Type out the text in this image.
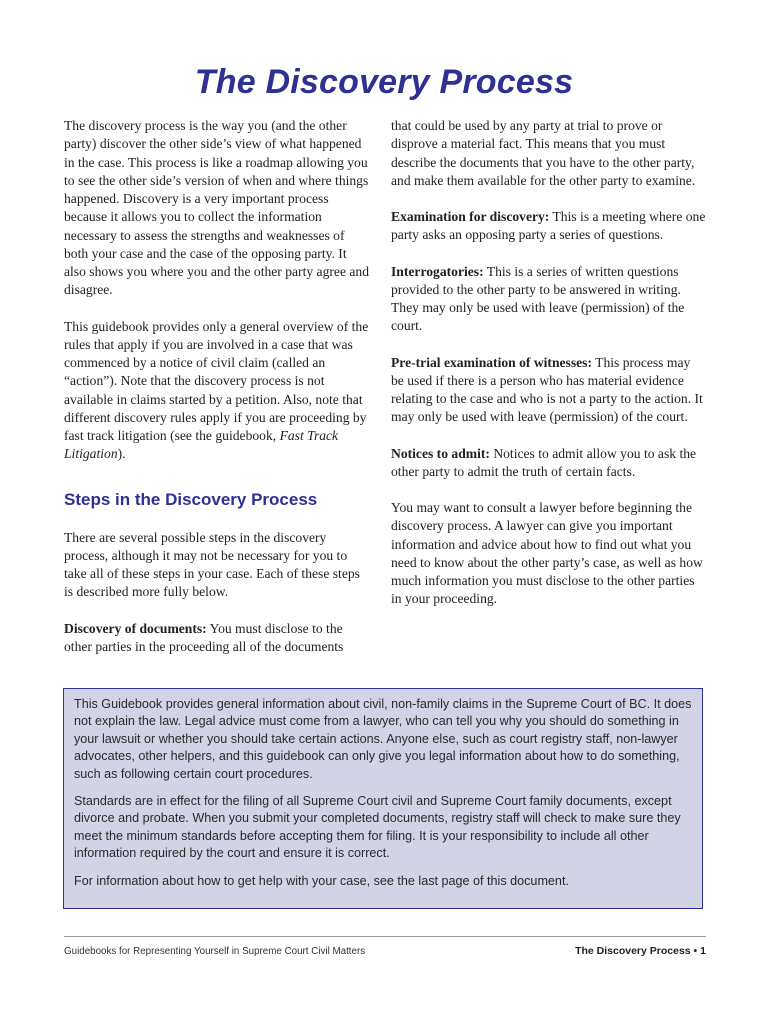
The Discovery Process

The discovery process is the way you (and the other party) discover the other side’s view of what happened in the case. This process is like a roadmap allowing you to see the other side’s version of when and where things happened. Discovery is a very important process because it allows you to collect the information necessary to assess the strengths and weaknesses of both your case and the case of the opposing party. It also shows you where you and the other party agree and disagree.

This guidebook provides only a general overview of the rules that apply if you are involved in a case that was commenced by a notice of civil claim (called an “action”). Note that the discovery process is not available in claims started by a petition. Also, note that different discovery rules apply if you are proceeding by fast track litigation (see the guidebook, Fast Track Litigation).

Steps in the Discovery Process

There are several possible steps in the discovery process, although it may not be necessary for you to take all of these steps in your case. Each of these steps is described more fully below.

Discovery of documents: You must disclose to the other parties in the proceeding all of the documents

that could be used by any party at trial to prove or disprove a material fact. This means that you must describe the documents that you have to the other party, and make them available for the other party to examine.

Examination for discovery: This is a meeting where one party asks an opposing party a series of questions.

Interrogatories: This is a series of written questions provided to the other party to be answered in writing. They may only be used with leave (permission) of the court.

Pre-trial examination of witnesses: This process may be used if there is a person who has material evidence relating to the case and who is not a party to the action. It may only be used with leave (permission) of the court.

Notices to admit: Notices to admit allow you to ask the other party to admit the truth of certain facts.

You may want to consult a lawyer before beginning the discovery process. A lawyer can give you important information and advice about how to find out what you need to know about the other party’s case, as well as how much information you must disclose to the other parties in your proceeding.

This Guidebook provides general information about civil, non-family claims in the Supreme Court of BC. It does not explain the law. Legal advice must come from a lawyer, who can tell you why you should do something in your lawsuit or whether you should take certain actions. Anyone else, such as court registry staff, non-lawyer advocates, other helpers, and this guidebook can only give you legal information about how to do something, such as following certain court procedures.

Standards are in effect for the filing of all Supreme Court civil and Supreme Court family documents, except divorce and probate. When you submit your completed documents, registry staff will check to make sure they meet the minimum standards before accepting them for filing. It is your responsibility to include all other information required by the court and ensure it is correct.

For information about how to get help with your case, see the last page of this document.

Guidebooks for Representing Yourself in Supreme Court Civil Matters	The Discovery Process • 1
